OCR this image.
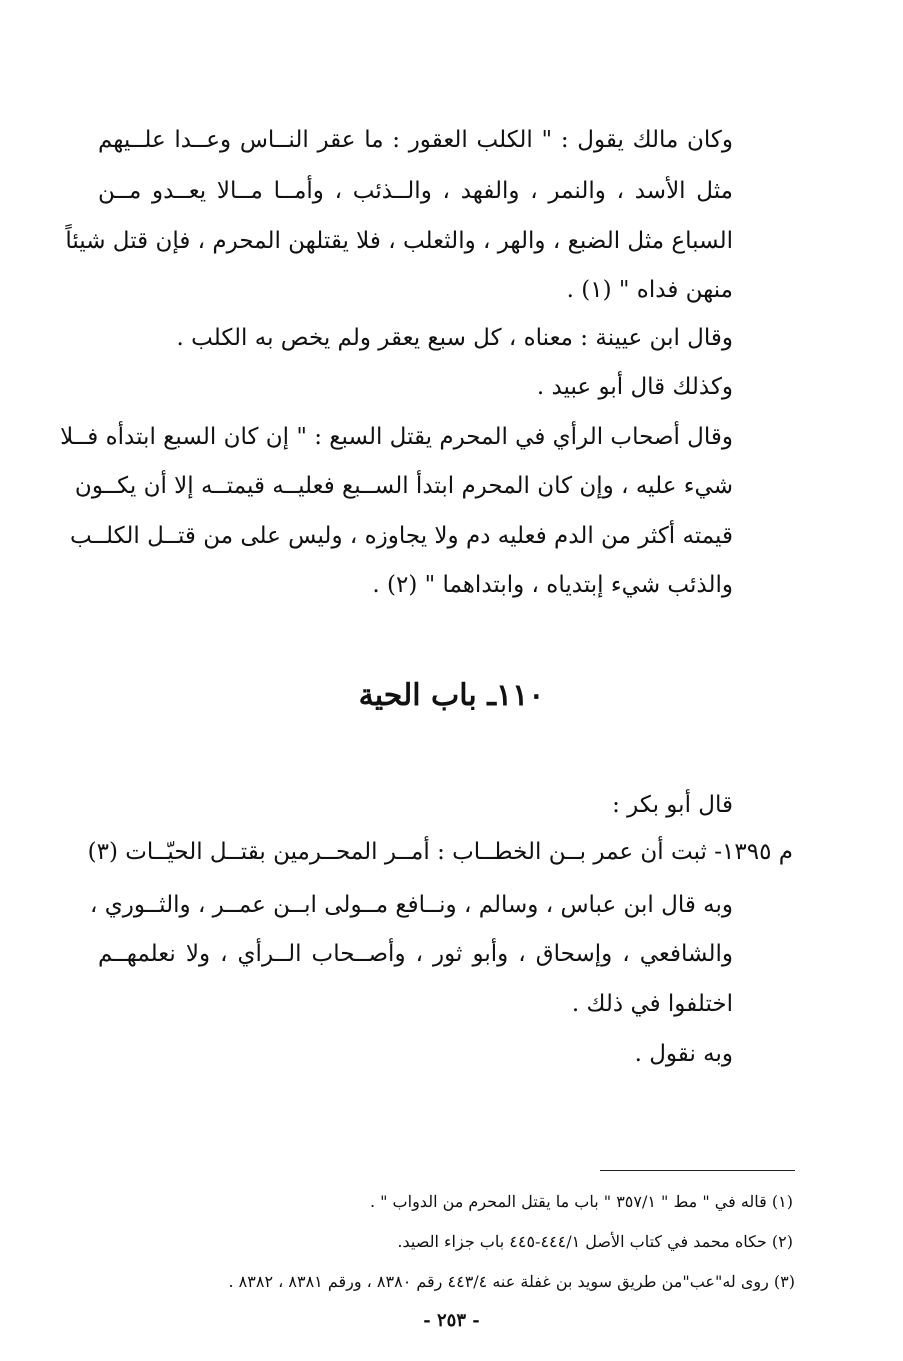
وكان مالك يقول : " الكلب العقور : ما عقر النــاس وعــدا علــيهم
مثل الأسد ، والنمر ، والفهد ، والــذئب ، وأمــا مــالا يعــدو مــن
السباع مثل الضبع ، والهر ، والثعلب ، فلا يقتلهن المحرم ، فإن قتل شيئاً
منهن فداه " (١) .
وقال ابن عيينة : معناه ، كل سبع يعقر ولم يخص به الكلب .
وكذلك قال أبو عبيد .
وقال أصحاب الرأي في المحرم يقتل السبع : " إن كان السبع ابتدأه فــلا
شيء عليه ، وإن كان المحرم ابتدأ الســبع فعليــه قيمتــه إلا أن يكــون
قيمته أكثر من الدم فعليه دم ولا يجاوزه ، وليس على من قتــل الكلــب
والذئب شيء إبتدياه ، وابتداهما " (٢) .
١١٠ـ باب الحية
قال أبو بكر :
م ١٣٩٥- ثبت أن عمر بــن الخطــاب : أمــر المحــرمين بقتــل الحيّــات (٣)
وبه قال ابن عباس ، وسالم ، ونــافع مــولى ابــن عمــر ، والثــوري ،
والشافعي ، وإسحاق ، وأبو ثور ، وأصــحاب الــرأي ، ولا نعلمهــم
اختلفوا في ذلك .
وبه نقول .
(١) قاله في " مط " ٣٥٧/١ " باب ما يقتل المحرم من الدواب " .
(٢) حكاه محمد في كتاب الأصل ٤٤٤/١-٤٤٥ باب جزاء الصيد.
(٣) روى له"عب"من طريق سويد بن غفلة عنه ٤٤٣/٤ رقم ٨٣٨٠ ، ورقم ٨٣٨١ ، ٨٣٨٢ .
- ٢٥٣ -
